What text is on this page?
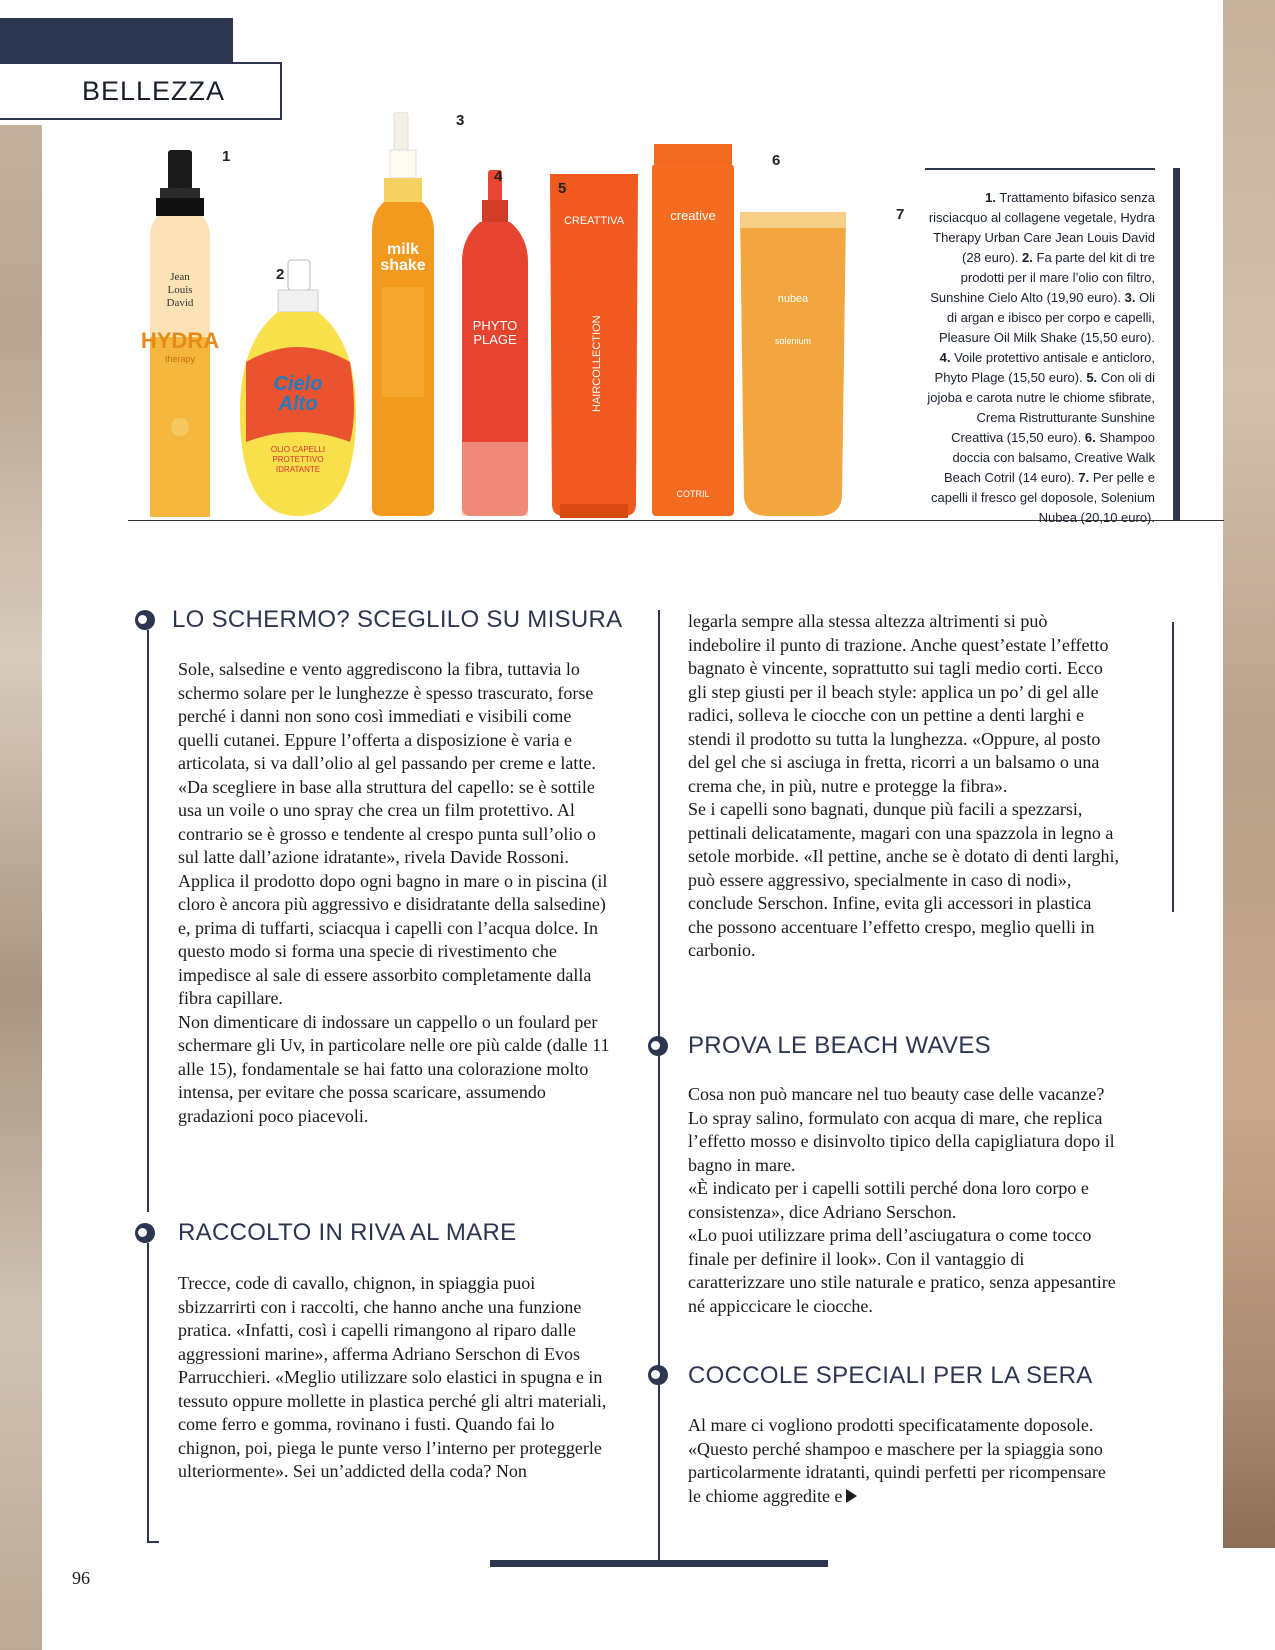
BELLEZZA
Jean
Louis
David
HYDRA
therapy
Cielo
Alto
OLIO CAPELLI
PROTETTIVO
IDRATANTE
milk
shake
PHYTO
PLAGE
CREATTIVA
HAIRCOLLECTION
creative
COTRIL
nubea
solenium
1
2
3
4
5
6
7
1. Trattamento bifasico senza risciacquo al collagene vegetale, Hydra Therapy Urban Care Jean Louis David (28 euro). 2. Fa parte del kit di tre prodotti per il mare l’olio con filtro, Sunshine Cielo Alto (19,90 euro). 3. Oli di argan e ibisco per corpo e capelli, Pleasure Oil Milk Shake (15,50 euro). 4. Voile protettivo antisale e anticloro, Phyto Plage (15,50 euro). 5. Con oli di jojoba e carota nutre le chiome sfibrate, Crema Ristrutturante Sunshine Creattiva (15,50 euro). 6. Shampoo doccia con balsamo, Creative Walk Beach Cotril (14 euro). 7. Per pelle e capelli il fresco gel doposole, Solenium Nubea (20,10 euro).
LO SCHERMO? SCEGLILO SU MISURA

Sole, salsedine e vento aggrediscono la fibra, tuttavia lo schermo solare per le lunghezze è spesso trascurato, forse perché i danni non sono così immediati e visibili come quelli cutanei. Eppure l’offerta a disposizione è varia e articolata, si va dall’olio al gel passando per creme e latte.

«Da scegliere in base alla struttura del capello: se è sottile usa un voile o uno spray che crea un film protettivo. Al contrario se è grosso e tendente al crespo punta sull’olio o sul latte dall’azione idratante», rivela Davide Rossoni. Applica il prodotto dopo ogni bagno in mare o in piscina (il cloro è ancora più aggressivo e disidratante della salsedine) e, prima di tuffarti, sciacqua i capelli con l’acqua dolce. In questo modo si forma una specie di rivestimento che impedisce al sale di essere assorbito completamente dalla fibra capillare.

Non dimenticare di indossare un cappello o un foulard per schermare gli Uv, in particolare nelle ore più calde (dalle 11 alle 15), fondamentale se hai fatto una colorazione molto intensa, per evitare che possa scaricare, assumendo gradazioni poco piacevoli.

RACCOLTO IN RIVA AL MARE

Trecce, code di cavallo, chignon, in spiaggia puoi sbizzarrirti con i raccolti, che hanno anche una funzione pratica. «Infatti, così i capelli rimangono al riparo dalle aggressioni marine», afferma Adriano Serschon di Evos Parrucchieri. «Meglio utilizzare solo elastici in spugna e in tessuto oppure mollette in plastica perché gli altri materiali, come ferro e gomma, rovinano i fusti. Quando fai lo chignon, poi, piega le punte verso l’interno per proteggerle ulteriormente». Sei un’addicted della coda? Non

legarla sempre alla stessa altezza altrimenti si può indebolire il punto di trazione. Anche quest’estate l’effetto bagnato è vincente, soprattutto sui tagli medio corti. Ecco gli step giusti per il beach style: applica un po’ di gel alle radici, solleva le ciocche con un pettine a denti larghi e stendi il prodotto su tutta la lunghezza. «Oppure, al posto del gel che si asciuga in fretta, ricorri a un balsamo o una crema che, in più, nutre e protegge la fibra».

Se i capelli sono bagnati, dunque più facili a spezzarsi, pettinali delicatamente, magari con una spazzola in legno a setole morbide. «Il pettine, anche se è dotato di denti larghi, può essere aggressivo, specialmente in caso di nodi», conclude Serschon. Infine, evita gli accessori in plastica che possono accentuare l’effetto crespo, meglio quelli in carbonio.

PROVA LE BEACH WAVES

Cosa non può mancare nel tuo beauty case delle vacanze? Lo spray salino, formulato con acqua di mare, che replica l’effetto mosso e disinvolto tipico della capigliatura dopo il bagno in mare.

«È indicato per i capelli sottili perché dona loro corpo e consistenza», dice Adriano Serschon.

«Lo puoi utilizzare prima dell’asciugatura o come tocco finale per definire il look». Con il vantaggio di caratterizzare uno stile naturale e pratico, senza appesantire né appiccicare le ciocche.

COCCOLE SPECIALI PER LA SERA

Al mare ci vogliono prodotti specificatamente doposole. «Questo perché shampoo e maschere per la spiaggia sono particolarmente idratanti, quindi perfetti per ricompensare le chiome aggredite e

96
